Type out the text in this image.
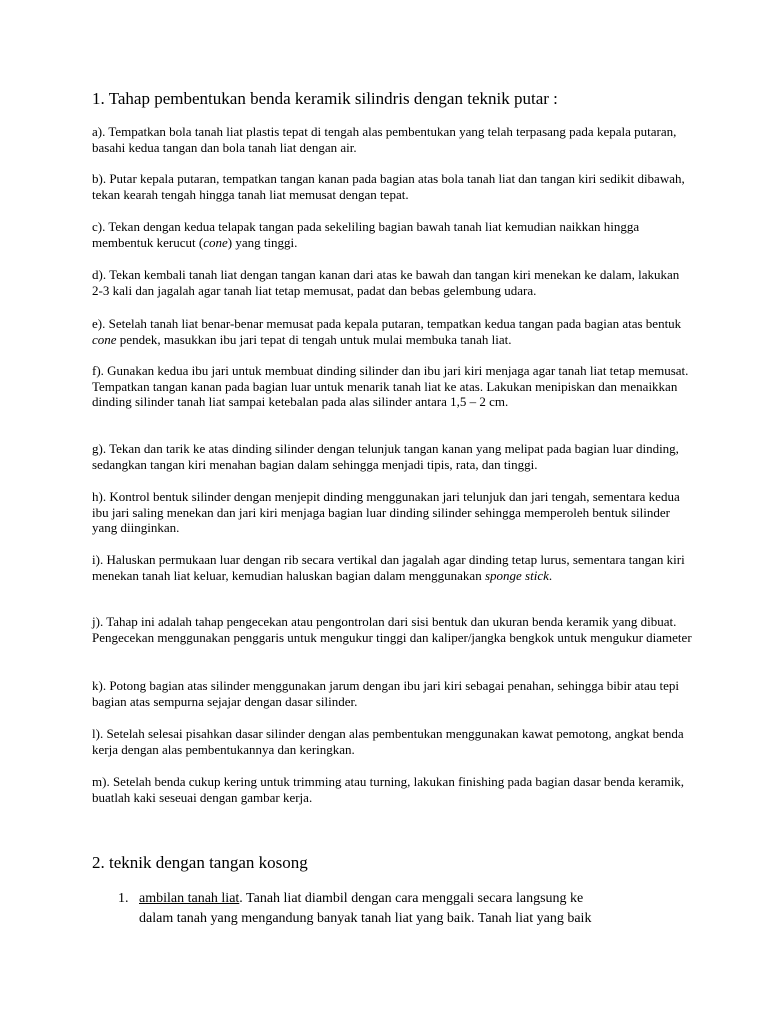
1. Tahap pembentukan benda keramik silindris dengan teknik putar :

a). Tempatkan bola tanah liat plastis tepat di tengah alas pembentukan yang telah terpasang pada kepala putaran, basahi kedua tangan dan bola tanah liat dengan air.

b). Putar kepala putaran, tempatkan tangan kanan pada bagian atas bola tanah liat dan tangan kiri sedikit dibawah, tekan kearah tengah hingga tanah liat memusat dengan tepat.

c). Tekan dengan kedua telapak tangan pada sekeliling bagian bawah tanah liat kemudian naikkan hingga membentuk kerucut (cone) yang tinggi.

d). Tekan kembali tanah liat dengan tangan kanan dari atas ke bawah dan tangan kiri menekan ke dalam, lakukan 2-3 kali dan jagalah agar tanah liat tetap memusat, padat dan bebas gelembung udara.

e). Setelah tanah liat benar-benar memusat pada kepala putaran, tempatkan kedua tangan pada bagian atas bentuk cone pendek, masukkan ibu jari tepat di tengah untuk mulai membuka tanah liat.

f). Gunakan kedua ibu jari untuk membuat dinding silinder dan ibu jari kiri menjaga agar tanah liat tetap memusat. Tempatkan tangan kanan pada bagian luar untuk menarik tanah liat ke atas. Lakukan menipiskan dan menaikkan dinding silinder tanah liat sampai ketebalan pada alas silinder antara 1,5 – 2 cm.

g). Tekan dan tarik ke atas dinding silinder dengan telunjuk tangan kanan yang melipat pada bagian luar dinding, sedangkan tangan kiri menahan bagian dalam sehingga menjadi tipis, rata, dan tinggi.

h). Kontrol bentuk silinder dengan menjepit dinding menggunakan jari telunjuk dan jari tengah, sementara kedua ibu jari saling menekan dan jari kiri menjaga bagian luar dinding silinder sehingga memperoleh bentuk silinder yang diinginkan.

i). Haluskan permukaan luar dengan rib secara vertikal dan jagalah agar dinding tetap lurus, sementara tangan kiri menekan tanah liat keluar, kemudian haluskan bagian dalam menggunakan sponge stick.

j). Tahap ini adalah tahap pengecekan atau pengontrolan dari sisi bentuk dan ukuran benda keramik yang dibuat. Pengecekan menggunakan penggaris untuk mengukur tinggi dan kaliper/jangka bengkok untuk mengukur diameter

k). Potong bagian atas silinder menggunakan jarum dengan ibu jari kiri sebagai penahan, sehingga bibir atau tepi bagian atas sempurna sejajar dengan dasar silinder.

l). Setelah selesai pisahkan dasar silinder dengan alas pembentukan menggunakan kawat pemotong, angkat benda kerja dengan alas pembentukannya dan keringkan.

m). Setelah benda cukup kering untuk trimming atau turning, lakukan finishing pada bagian dasar benda keramik, buatlah kaki seseuai dengan gambar kerja.

2. teknik dengan tangan kosong
1. ambilan tanah liat. Tanah liat diambil dengan cara menggali secara langsung ke
dalam tanah yang mengandung banyak tanah liat yang baik. Tanah liat yang baik
